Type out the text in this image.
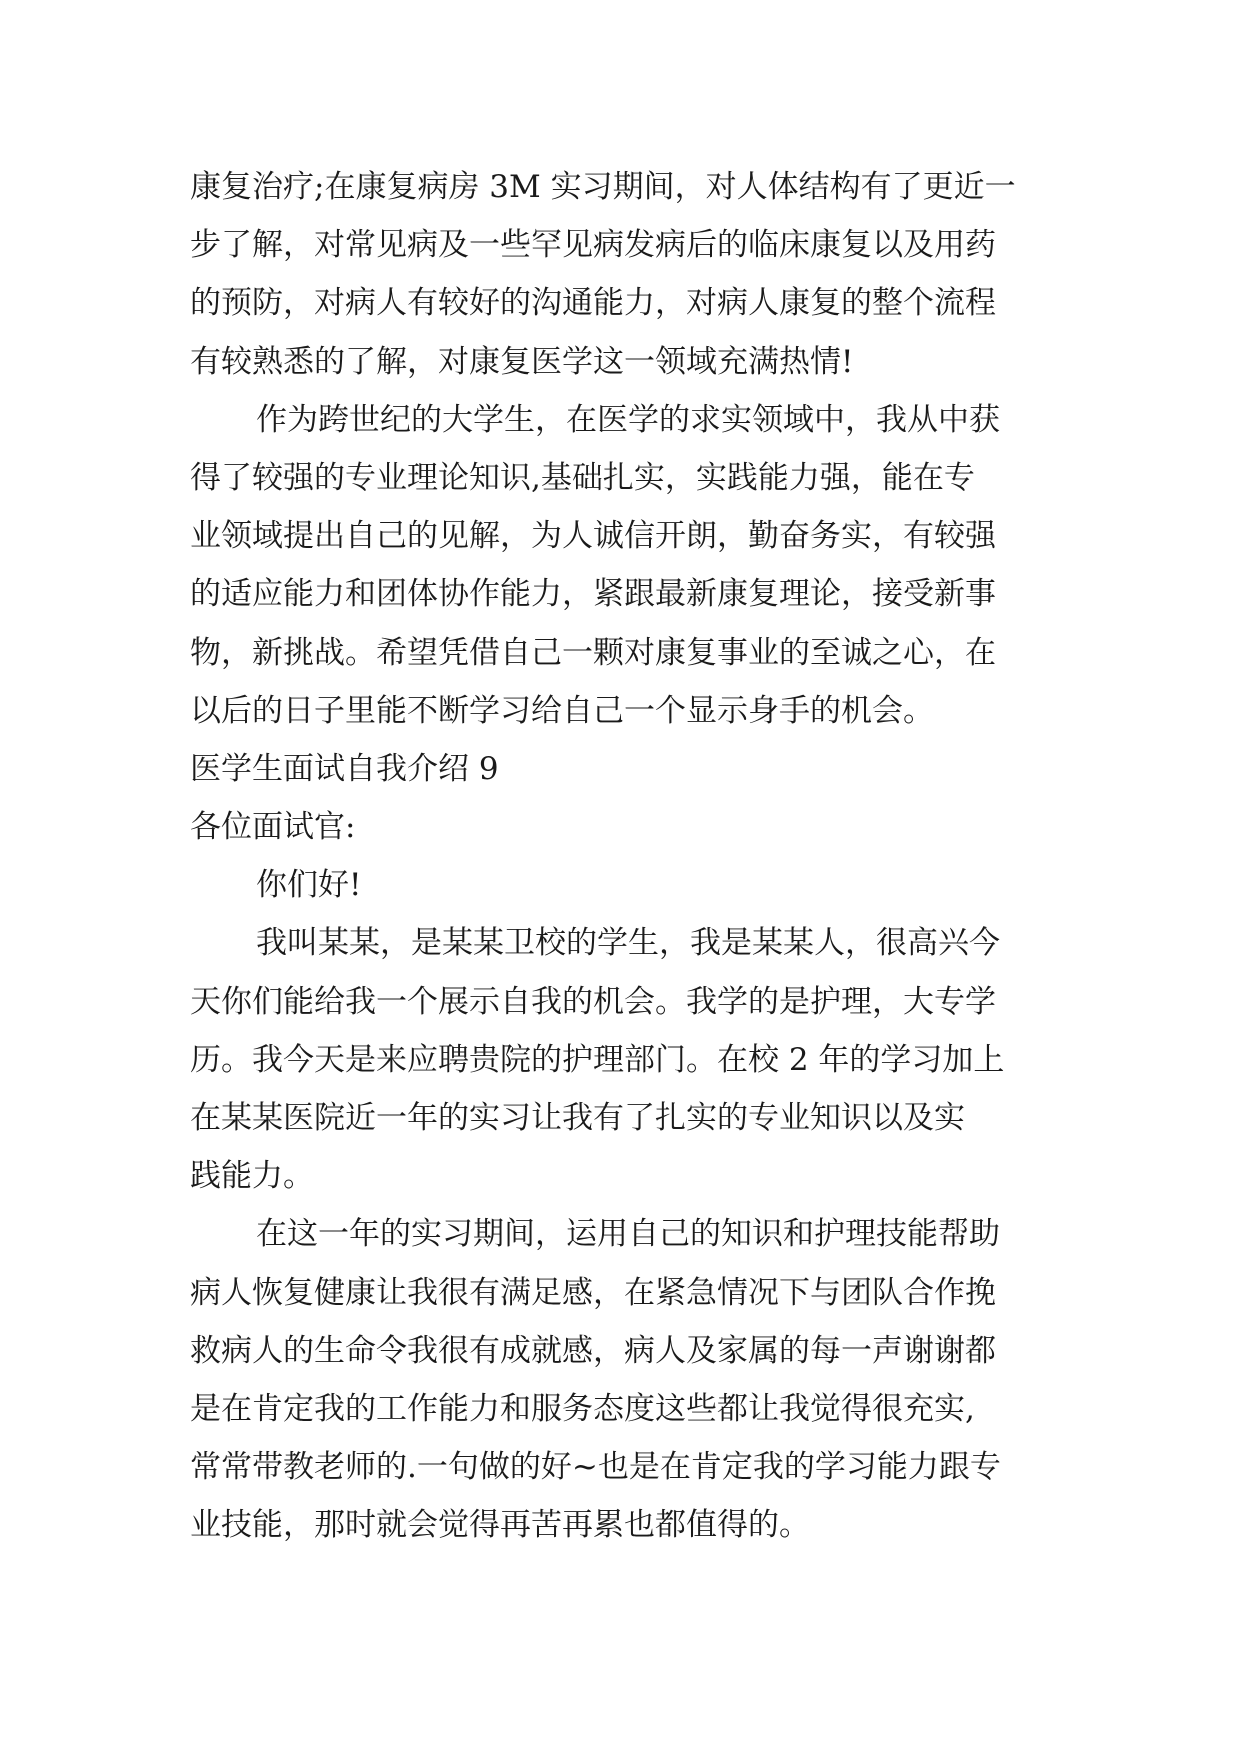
康复治疗;在康复病房 3M 实习期间，对人体结构有了更近一
步了解，对常见病及一些罕见病发病后的临床康复以及用药
的预防，对病人有较好的沟通能力，对病人康复的整个流程
有较熟悉的了解，对康复医学这一领域充满热情!
作为跨世纪的大学生，在医学的求实领域中，我从中获
得了较强的专业理论知识,基础扎实，实践能力强，能在专
业领域提出自己的见解，为人诚信开朗，勤奋务实，有较强
的适应能力和团体协作能力，紧跟最新康复理论，接受新事
物，新挑战。希望凭借自己一颗对康复事业的至诚之心，在
以后的日子里能不断学习给自己一个显示身手的机会。
医学生面试自我介绍 9
各位面试官:
你们好!
我叫某某，是某某卫校的学生，我是某某人，很高兴今
天你们能给我一个展示自我的机会。我学的是护理，大专学
历。我今天是来应聘贵院的护理部门。在校 2 年的学习加上
在某某医院近一年的实习让我有了扎实的专业知识以及实
践能力。
在这一年的实习期间，运用自己的知识和护理技能帮助
病人恢复健康让我很有满足感，在紧急情况下与团队合作挽
救病人的生命令我很有成就感，病人及家属的每一声谢谢都
是在肯定我的工作能力和服务态度这些都让我觉得很充实,
常常带教老师的.一句做的好~也是在肯定我的学习能力跟专
业技能，那时就会觉得再苦再累也都值得的。
